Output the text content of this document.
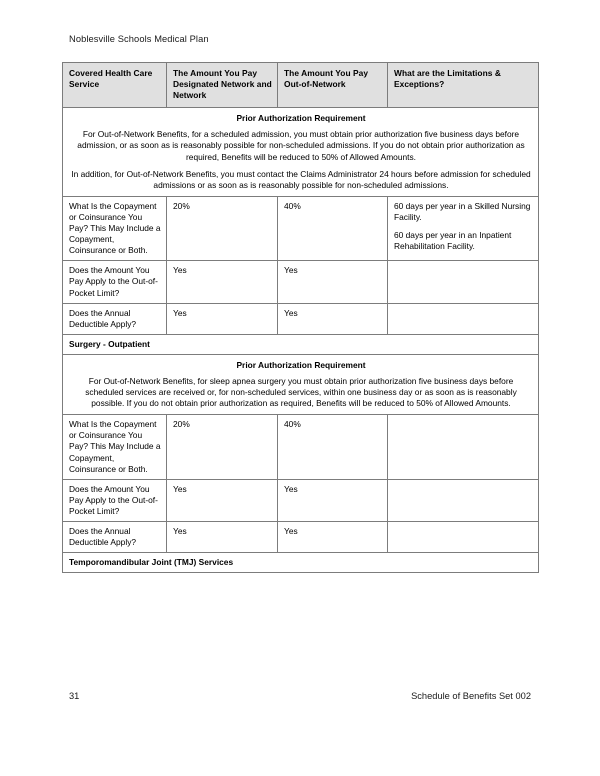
Noblesville Schools Medical Plan
Covered Health Care Service	The Amount You Pay Designated Network and Network	The Amount You Pay Out-of-Network	What are the Limitations & Exceptions?

Prior Authorization Requirement

For Out-of-Network Benefits, for a scheduled admission, you must obtain prior authorization five business days before admission, or as soon as is reasonably possible for non-scheduled admissions. If you do not obtain prior authorization as required, Benefits will be reduced to 50% of Allowed Amounts.

In addition, for Out-of-Network Benefits, you must contact the Claims Administrator 24 hours before admission for scheduled admissions or as soon as is reasonably possible for non-scheduled admissions.			

What Is the Copayment or Coinsurance You Pay? This May Include a Copayment, Coinsurance or Both.	20%	40%	60 days per year in a Skilled Nursing Facility.

60 days per year in an Inpatient Rehabilitation Facility.

Does the Amount You Pay Apply to the Out-of-Pocket Limit?	Yes	Yes	
Does the Annual Deductible Apply?	Yes	Yes	
Surgery - Outpatient			

Prior Authorization Requirement

For Out-of-Network Benefits, for sleep apnea surgery you must obtain prior authorization five business days before scheduled services are received or, for non-scheduled services, within one business day or as soon as is reasonably possible. If you do not obtain prior authorization as required, Benefits will be reduced to 50% of Allowed Amounts.			

What Is the Copayment or Coinsurance You Pay? This May Include a Copayment, Coinsurance or Both.	20%	40%	
Does the Amount You Pay Apply to the Out-of-Pocket Limit?	Yes	Yes	
Does the Annual Deductible Apply?	Yes	Yes	
Temporomandibular Joint (TMJ) Services			
31	Schedule of Benefits Set 002
